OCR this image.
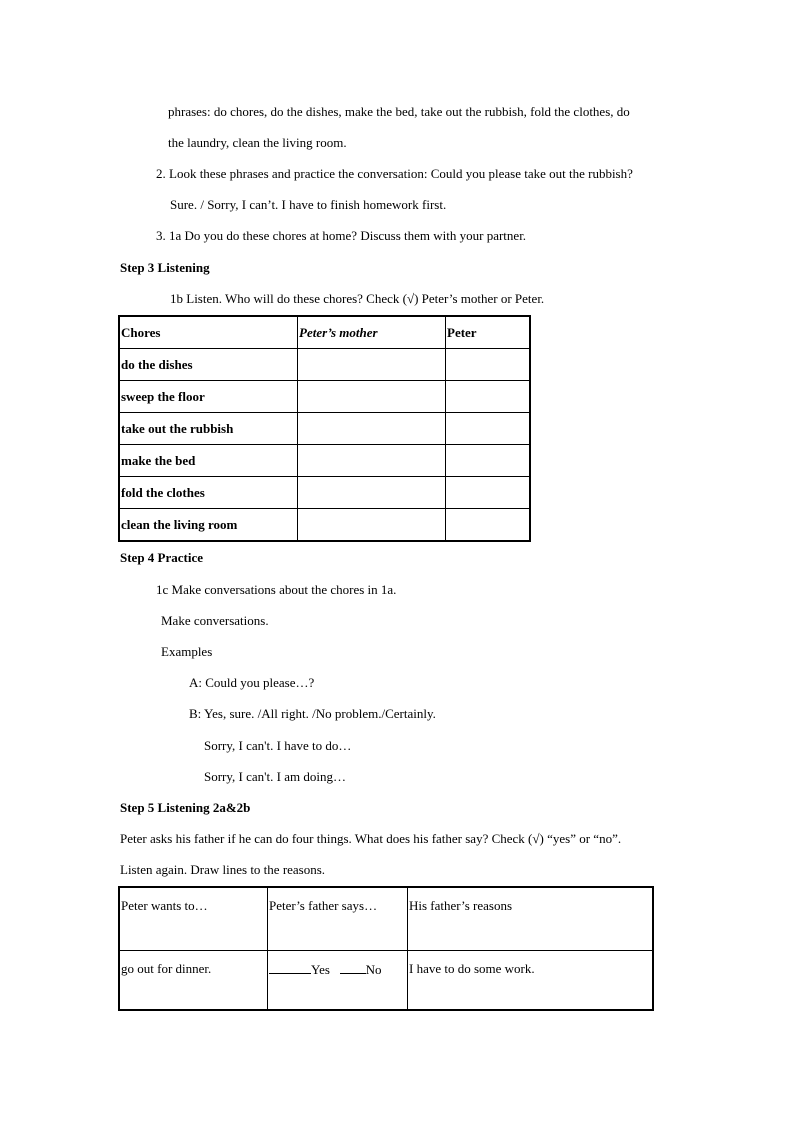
phrases: do chores, do the dishes, make the bed, take out the rubbish, fold the clothes, do
the laundry, clean the living room.
2. Look these phrases and practice the conversation: Could you please take out the rubbish?
Sure. / Sorry, I can’t. I have to finish homework first.
3. 1a Do you do these chores at home? Discuss them with your partner.
Step 3 Listening
1b Listen. Who will do these chores? Check (√) Peter’s mother or Peter.
Chores	Peter’s mother	Peter
do the dishes		
sweep the floor		
take out the rubbish		
make the bed		
fold the clothes		
clean the living room		
Step 4 Practice
1c Make conversations about the chores in 1a.
Make conversations.
Examples
A: Could you please…?
B: Yes, sure. /All right. /No problem./Certainly.
Sorry, I can't. I have to do…
Sorry, I can't. I am doing…
Step 5 Listening 2a&2b
Peter asks his father if he can do four things. What does his father say? Check (√) “yes” or “no”.
Listen again. Draw lines to the reasons.
Peter wants to…	Peter’s father says…	His father’s reasons
go out for dinner.	Yes No	I have to do some work.
